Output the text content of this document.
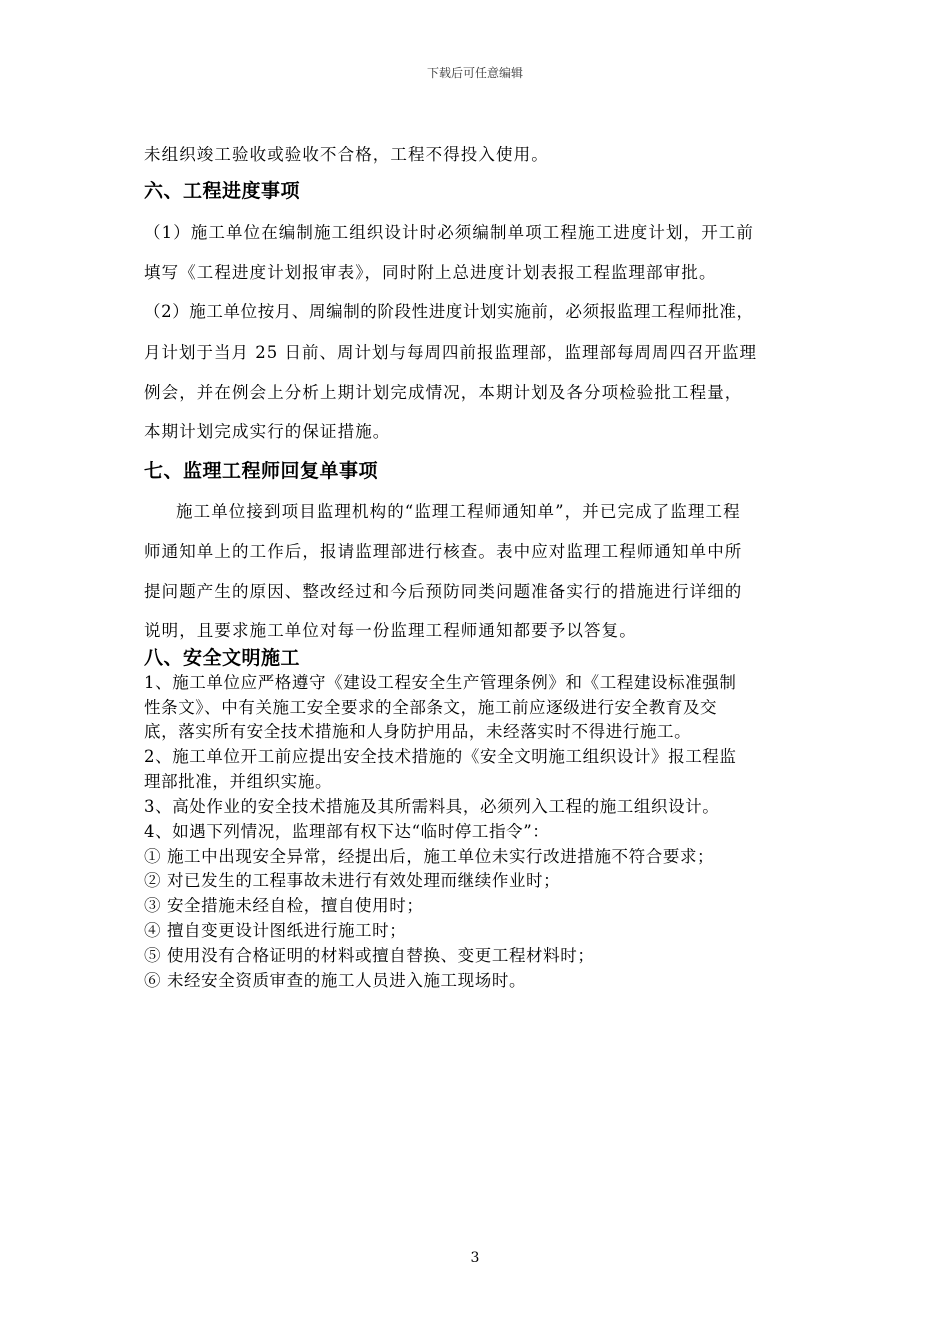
下载后可任意编辑
未组织竣工验收或验收不合格，工程不得投入使用。
六、工程进度事项
（1）施工单位在编制施工组织设计时必须编制单项工程施工进度计划，开工前
填写《工程进度计划报审表》，同时附上总进度计划表报工程监理部审批。
（2）施工单位按月、周编制的阶段性进度计划实施前，必须报监理工程师批准，
月计划于当月 25 日前、周计划与每周四前报监理部，监理部每周周四召开监理
例会，并在例会上分析上期计划完成情况，本期计划及各分项检验批工程量，
本期计划完成实行的保证措施。
七、监理工程师回复单事项
施工单位接到项目监理机构的“监理工程师通知单”，并已完成了监理工程
师通知单上的工作后，报请监理部进行核查。表中应对监理工程师通知单中所
提问题产生的原因、整改经过和今后预防同类问题准备实行的措施进行详细的
说明，且要求施工单位对每一份监理工程师通知都要予以答复。
八、安全文明施工
1、施工单位应严格遵守《建设工程安全生产管理条例》和《工程建设标准强制
性条文》、中有关施工安全要求的全部条文，施工前应逐级进行安全教育及交
底，落实所有安全技术措施和人身防护用品，未经落实时不得进行施工。
2、施工单位开工前应提出安全技术措施的《安全文明施工组织设计》报工程监
理部批准，并组织实施。
3、高处作业的安全技术措施及其所需料具，必须列入工程的施工组织设计。
4、如遇下列情况，监理部有权下达“临时停工指令”：
① 施工中出现安全异常，经提出后，施工单位未实行改进措施不符合要求；
② 对已发生的工程事故未进行有效处理而继续作业时；
③ 安全措施未经自检，擅自使用时；
④ 擅自变更设计图纸进行施工时；
⑤ 使用没有合格证明的材料或擅自替换、变更工程材料时；
⑥ 未经安全资质审查的施工人员进入施工现场时。
3
